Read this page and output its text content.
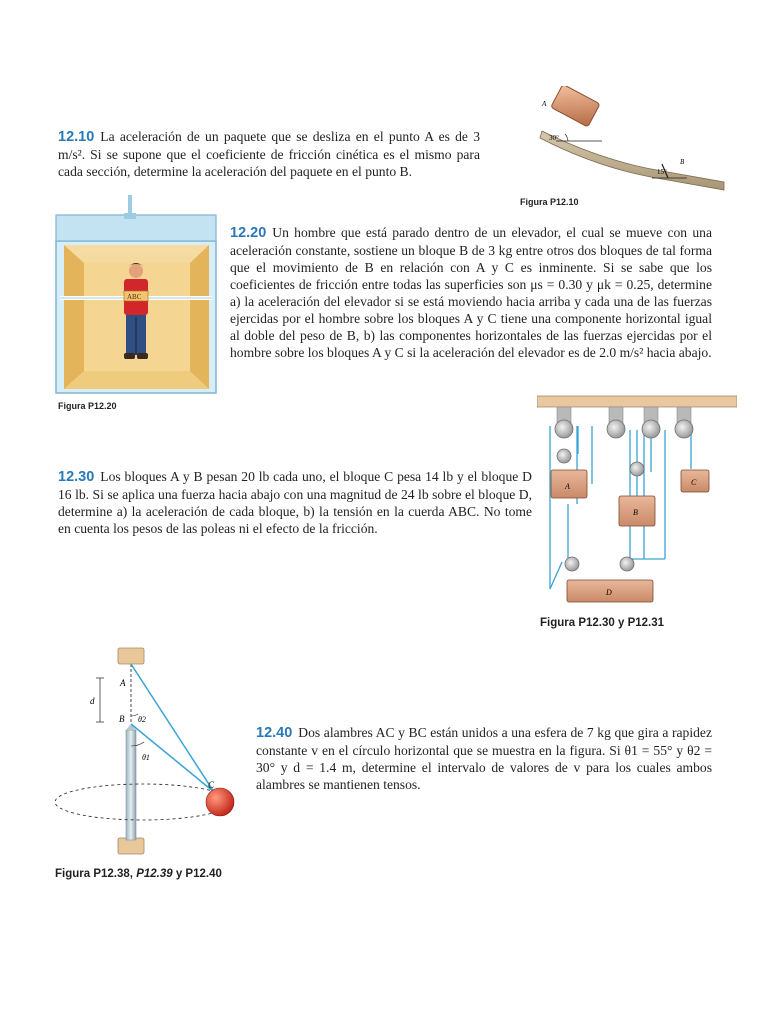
12.10 La aceleración de un paquete que se desliza en el punto A es de 3 m/s². Si se supone que el coeficiente de fricción cinética es el mismo para cada sección, determine la aceleración del paquete en el punto B.
A
B
30°
15°
Figura P12.10
ABC
Figura P12.20
12.20 Un hombre que está parado dentro de un elevador, el cual se mueve con una aceleración constante, sostiene un bloque B de 3 kg entre otros dos bloques de tal forma que el movimiento de B en relación con A y C es inminente. Si se sabe que los coeficientes de fricción entre todas las superficies son μs = 0.30 y μk = 0.25, determine a) la aceleración del elevador si se está moviendo hacia arriba y cada una de las fuerzas ejercidas por el hombre sobre los bloques A y C tiene una componente horizontal igual al doble del peso de B, b) las componentes horizontales de las fuerzas ejercidas por el hombre sobre los bloques A y C si la aceleración del elevador es de 2.0 m/s² hacia abajo.
12.30 Los bloques A y B pesan 20 lb cada uno, el bloque C pesa 14 lb y el bloque D 16 lb. Si se aplica una fuerza hacia abajo con una magnitud de 24 lb sobre el bloque D, determine a) la aceleración de cada bloque, b) la tensión en la cuerda ABC. No tome en cuenta los pesos de las poleas ni el efecto de la fricción.
A
B
C
D
Figura P12.30 y P12.31
A
B
C
d
θ2
θ1
Figura P12.38, P12.39 y P12.40
12.40 Dos alambres AC y BC están unidos a una esfera de 7 kg que gira a rapidez constante v en el círculo horizontal que se muestra en la figura. Si θ1 = 55° y θ2 = 30° y d = 1.4 m, determine el intervalo de valores de v para los cuales ambos alambres se mantienen tensos.
